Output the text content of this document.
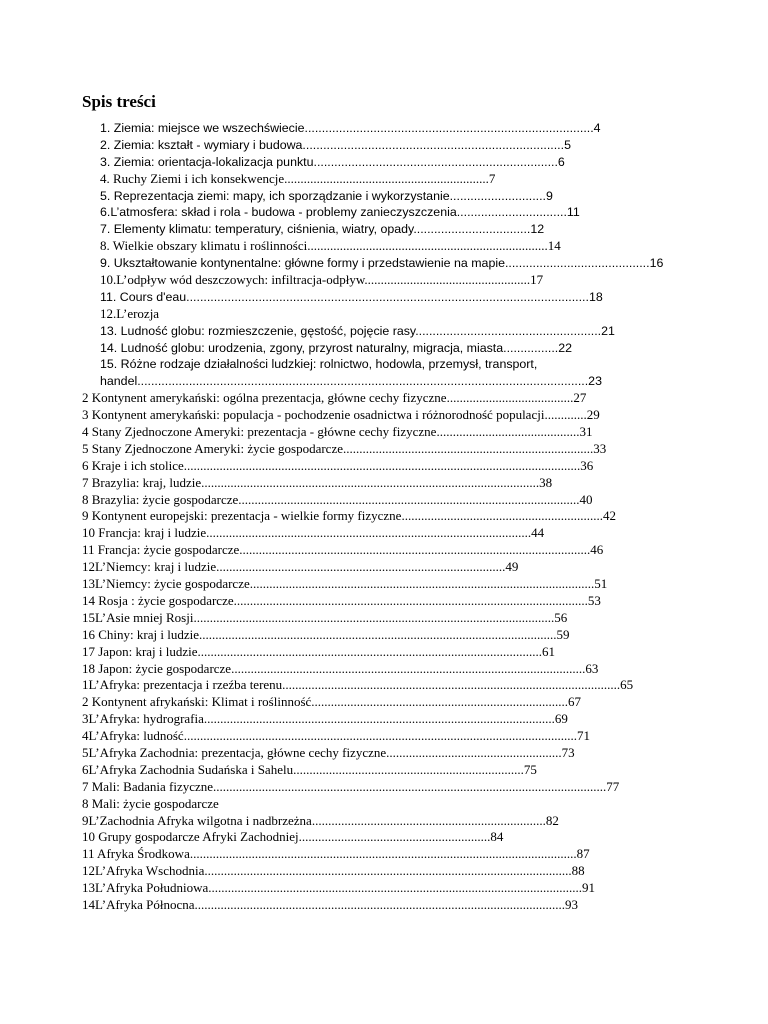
Spis treści
1. Ziemia: miejsce we wszechświecie....................................................................................4
2. Ziemia: kształt - wymiary i budowa............................................................................5
3. Ziemia: orientacja-lokalizacja punktu.......................................................................6
4. Ruchy Ziemi i ich konsekwencje...............................................................7
5. Reprezentacja ziemi: mapy, ich sporządzanie i wykorzystanie............................9
6.L’atmosfera: skład i rola - budowa - problemy zanieczyszczenia................................11
7. Elementy klimatu: temperatury, ciśnienia, wiatry, opady..................................12
8. Wielkie obszary klimatu i roślinności..........................................................................14
9. Ukształtowanie kontynentalne: główne formy i przedstawienie na mapie..........................................16
10.L’odpływ wód deszczowych: infiltracja-odpływ...................................................17
11. Cours d'eau.....................................................................................................................18
12.L’erozja
13. Ludność globu: rozmieszczenie, gęstość, pojęcie rasy......................................................21
14. Ludność globu: urodzenia, zgony, przyrost naturalny, migracja, miasta................22
15. Różne rodzaje działalności ludzkiej: rolnictwo, hodowla, przemysł, transport,
handel...................................................................................................................................23
2 Kontynent amerykański: ogólna prezentacja, główne cechy fizyczne.......................................27
3 Kontynent amerykański: populacja - pochodzenie osadnictwa i różnorodność populacji.............29
4 Stany Zjednoczone Ameryki: prezentacja - główne cechy fizyczne............................................31
5 Stany Zjednoczone Ameryki: życie gospodarcze.............................................................................33
6 Kraje i ich stolice..........................................................................................................................36
7 Brazylia: kraj, ludzie........................................................................................................38
8 Brazylia: życie gospodarcze.........................................................................................................40
9 Kontynent europejski: prezentacja - wielkie formy fizyczne..............................................................42
10 Francja: kraj i ludzie....................................................................................................44
11 Francja: życie gospodarcze............................................................................................................46
12L’Niemcy: kraj i ludzie.........................................................................................49
13L’Niemcy: życie gospodarcze..........................................................................................................51
14 Rosja : życie gospodarcze.............................................................................................................53
15L’Asie mniej Rosji...............................................................................................................56
16 Chiny: kraj i ludzie..............................................................................................................59
17 Japon: kraj i ludzie..........................................................................................................61
18 Japon: życie gospodarcze.............................................................................................................63
1L’Afryka: prezentacja i rzeźba terenu........................................................................................................65
2 Kontynent afrykański: Klimat i roślinność...............................................................................67
3L’Afryka: hydrografia............................................................................................................69
4L’Afryka: ludność.........................................................................................................................71
5L’Afryka Zachodnia: prezentacja, główne cechy fizyczne......................................................73
6L’Afryka Zachodnia Sudańska i Sahelu.......................................................................75
7 Mali: Badania fizyczne.........................................................................................................................77
8 Mali: życie gospodarcze
9L’Zachodnia Afryka wilgotna i nadbrzeżna........................................................................82
10 Grupy gospodarcze Afryki Zachodniej...........................................................84
11 Afryka Środkowa.......................................................................................................................87
12L’Afryka Wschodnia.................................................................................................................88
13L’Afryka Południowa...................................................................................................................91
14L’Afryka Północna..................................................................................................................93
